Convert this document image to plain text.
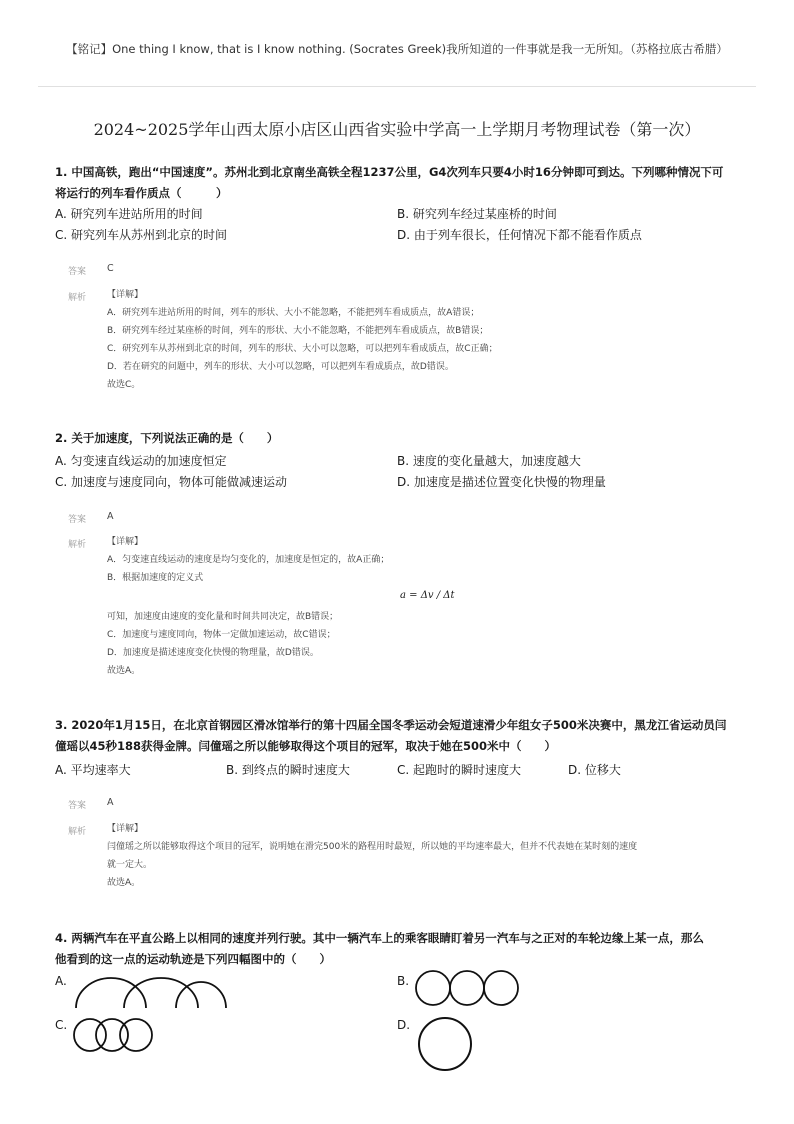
【铭记】One thing I know, that is I know nothing. (Socrates Greek)我所知道的一件事就是我一无所知。（苏格拉底古希腊）
2024~2025学年山西太原小店区山西省实验中学高一上学期月考物理试卷（第一次）
1. 中国高铁，跑出“中国速度”。苏州北到北京南坐高铁全程1237公里，G4次列车只要4小时16分钟即可到达。下列哪种情况下可
将运行的列车看作质点（　　　）
A. 研究列车进站所用的时间	B. 研究列车经过某座桥的时间
C. 研究列车从苏州到北京的时间	D. 由于列车很长，任何情况下都不能看作质点
答案 C
解析 【详解】
A．研究列车进站所用的时间，列车的形状、大小不能忽略，不能把列车看成质点，故A错误；
B．研究列车经过某座桥的时间，列车的形状、大小不能忽略，不能把列车看成质点，故B错误；
C．研究列车从苏州到北京的时间，列车的形状、大小可以忽略，可以把列车看成质点，故C正确；
D．若在研究的问题中，列车的形状、大小可以忽略，可以把列车看成质点，故D错误。
故选C。
2. 关于加速度，下列说法正确的是（　　）
A. 匀变速直线运动的加速度恒定	B. 速度的变化量越大，加速度越大
C. 加速度与速度同向，物体可能做减速运动	D. 加速度是描述位置变化快慢的物理量
答案 A
解析 【详解】
A．匀变速直线运动的速度是均匀变化的，加速度是恒定的，故A正确；
B．根据加速度的定义式
a = Δv / Δt
可知，加速度由速度的变化量和时间共同决定，故B错误；
C．加速度与速度同向，物体一定做加速运动，故C错误；
D．加速度是描述速度变化快慢的物理量，故D错误。
故选A。
3. 2020年1月15日，在北京首钢园区滑冰馆举行的第十四届全国冬季运动会短道速滑少年组女子500米决赛中，黑龙江省运动员闫
僮瑶以45秒188获得金牌。闫僮瑶之所以能够取得这个项目的冠军，取决于她在500米中（　　）
A. 平均速率大	B. 到终点的瞬时速度大	C. 起跑时的瞬时速度大	D. 位移大
答案 A
解析 【详解】
闫僮瑶之所以能够取得这个项目的冠军，说明她在滑完500米的路程用时最短，所以她的平均速率最大，但并不代表她在某时刻的速度
就一定大。
故选A。
4. 两辆汽车在平直公路上以相同的速度并列行驶。其中一辆汽车上的乘客眼睛盯着另一汽车与之正对的车轮边缘上某一点，那么
他看到的这一点的运动轨迹是下列四幅图中的（　　）
A.	B.
C.	D.
